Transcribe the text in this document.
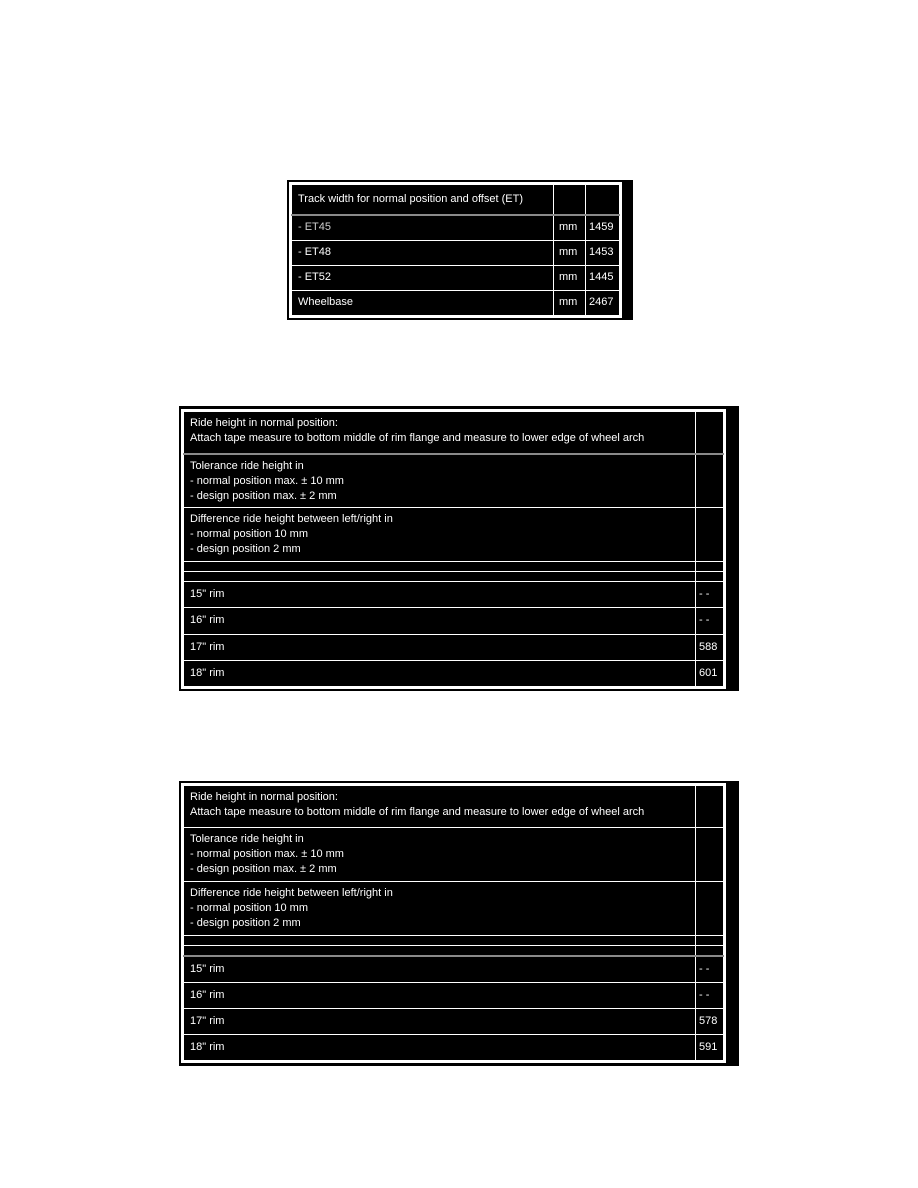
Track width for normal position and offset (ET)		
- ET45	mm	1459
- ET48	mm	1453
- ET52	mm	1445
Wheelbase	mm	2467
Ride height in normal position:
Attach tape measure to bottom middle of rim flange and measure to lower edge of wheel arch	

Tolerance ride height in
- normal position max. ± 10 mm
- design position max. ± 2 mm	

Difference ride height between left/right in
- normal position 10 mm
- design position 2 mm	

15" rim	- -
16" rim	- -
17" rim	588
18" rim	601
Ride height in normal position:
Attach tape measure to bottom middle of rim flange and measure to lower edge of wheel arch	

Tolerance ride height in
- normal position max. ± 10 mm
- design position max. ± 2 mm	

Difference ride height between left/right in
- normal position 10 mm
- design position 2 mm	

15" rim	- -
16" rim	- -
17" rim	578
18" rim	591
